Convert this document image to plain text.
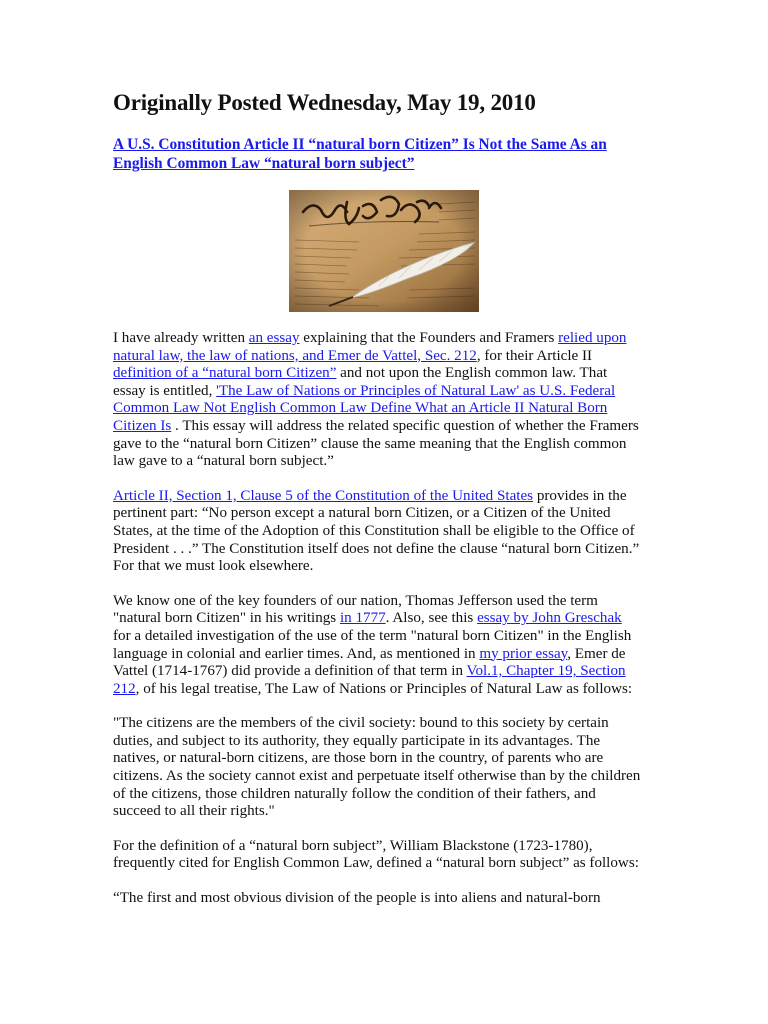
Originally Posted Wednesday, May 19, 2010
A U.S. Constitution Article II “natural born Citizen” Is Not the Same As an English Common Law “natural born subject”

I have already written an essay explaining that the Founders and Framers relied upon natural law, the law of nations, and Emer de Vattel, Sec. 212, for their Article II definition of a “natural born Citizen” and not upon the English common law. That essay is entitled, 'The Law of Nations or Principles of Natural Law' as U.S. Federal Common Law Not English Common Law Define What an Article II Natural Born Citizen Is . This essay will address the related specific question of whether the Framers gave to the “natural born Citizen” clause the same meaning that the English common law gave to a “natural born subject.”

Article II, Section 1, Clause 5 of the Constitution of the United States provides in the pertinent part: “No person except a natural born Citizen, or a Citizen of the United States, at the time of the Adoption of this Constitution shall be eligible to the Office of President . . .” The Constitution itself does not define the clause “natural born Citizen.” For that we must look elsewhere.

We know one of the key founders of our nation, Thomas Jefferson used the term "natural born Citizen" in his writings in 1777. Also, see this essay by John Greschak for a detailed investigation of the use of the term "natural born Citizen" in the English language in colonial and earlier times. And, as mentioned in my prior essay, Emer de Vattel (1714-1767) did provide a definition of that term in Vol.1, Chapter 19, Section 212, of his legal treatise, The Law of Nations or Principles of Natural Law as follows:

"The citizens are the members of the civil society: bound to this society by certain duties, and subject to its authority, they equally participate in its advantages. The natives, or natural-born citizens, are those born in the country, of parents who are citizens. As the society cannot exist and perpetuate itself otherwise than by the children of the citizens, those children naturally follow the condition of their fathers, and succeed to all their rights."

For the definition of a “natural born subject”, William Blackstone (1723-1780), frequently cited for English Common Law, defined a “natural born subject” as follows:

“The first and most obvious division of the people is into aliens and natural-born
